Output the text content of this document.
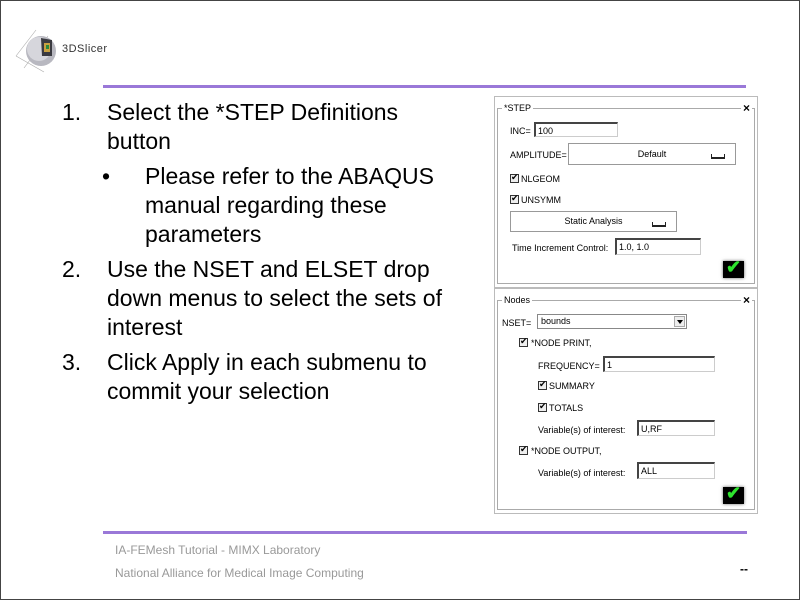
3DSlicer
1. Select the *STEP Definitions button
• Please refer to the ABAQUS manual regarding these parameters
2. Use the NSET and ELSET drop down menus to select the sets of interest
3. Click Apply in each submenu to commit your selection
*STEP	×
INC= 100
AMPLITUDE=	Default
✔
NLGEOM
✔
UNSYMM
Static Analysis
Time Increment Control:	1.0, 1.0
✔
Nodes	×
NSET=	bounds
✔
*NODE PRINT,
FREQUENCY= 1
✔
SUMMARY
✔
TOTALS
Variable(s) of interest:	U,RF
✔
*NODE OUTPUT,
Variable(s) of interest:	ALL
✔
IA-FEMesh Tutorial - MIMX Laboratory
National Alliance for Medical Image Computing	--
